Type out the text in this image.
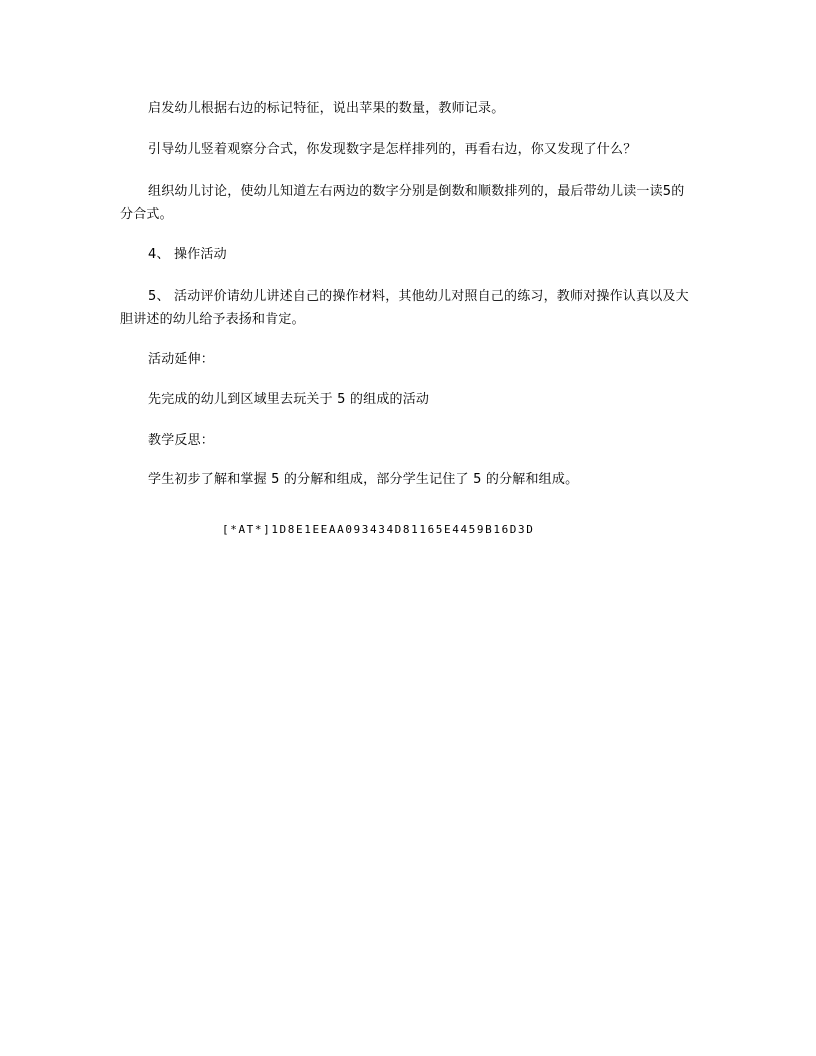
启发幼儿根据右边的标记特征，说出苹果的数量，教师记录。

引导幼儿竖着观察分合式，你发现数字是怎样排列的，再看右边，你又发现了什么？

组织幼儿讨论，使幼儿知道左右两边的数字分别是倒数和顺数排列的，最后带幼儿读一读5的分合式。

4、 操作活动

5、 活动评价请幼儿讲述自己的操作材料，其他幼儿对照自己的练习，教师对操作认真以及大胆讲述的幼儿给予表扬和肯定。

活动延伸：

先完成的幼儿到区域里去玩关于 5 的组成的活动

教学反思：

学生初步了解和掌握 5 的分解和组成，部分学生记住了 5 的分解和组成。

[*AT*]1D8E1EEAA093434D81165E4459B16D3D
